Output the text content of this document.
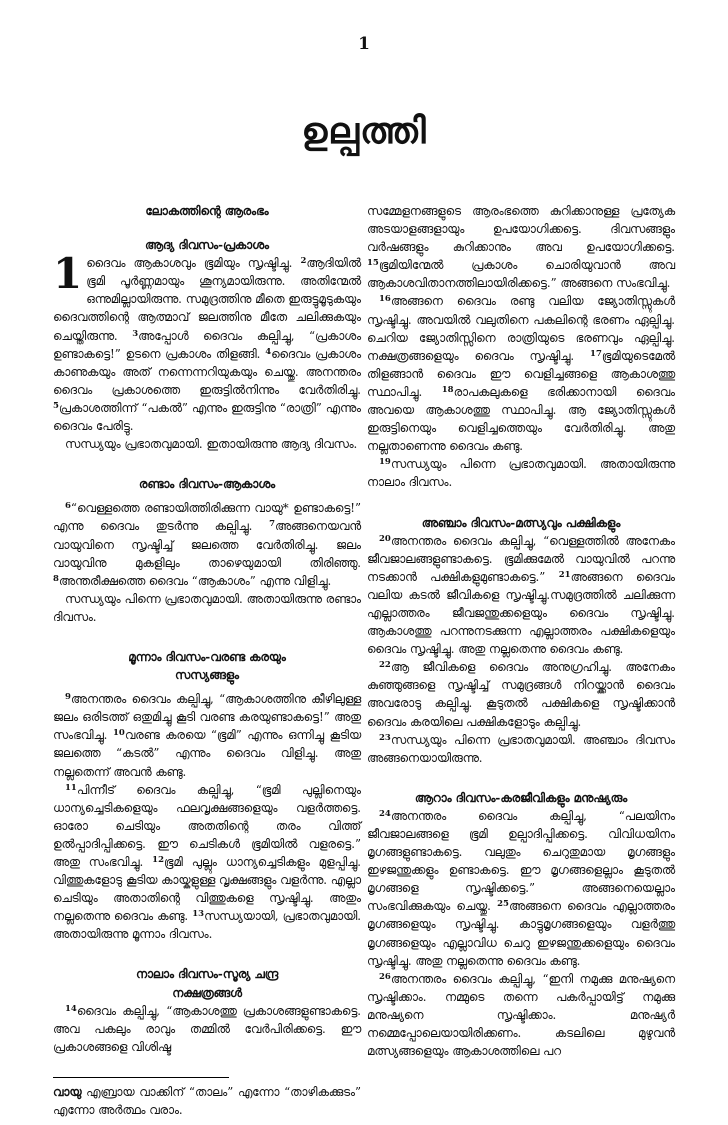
1
ഉല്പത്തി

ലോകത്തിന്റെ ആരംഭം

ആദ്യ ദിവസം-പ്രകാശം

1 ദൈവം ആകാശവും ഭൂമിയും സൃഷ്ടിച്ചു. $^2$ആദിയിൽ ഭൂമി പൂർണ്ണമായും ശൂന്യമായിരുന്നു. അതിന്മേൽ ഒന്നുമില്ലായിരുന്നു. സമുദ്രത്തിനു മീതെ ഇരുട്ടുമൂടുകയും ദൈവത്തിന്റെ ആത്മാവ് ജലത്തിനു മീതേ ചലിക്കുകയും ചെയ്തിരുന്നു. $^3$അപ്പോൾ ദൈവം കല്പിച്ചു, “പ്രകാശം ഉണ്ടാകട്ടെ!” ഉടനെ പ്രകാശം തിളങ്ങി. $^4$ദൈവം പ്രകാശം കാണുകയും അത് നന്നെന്നറിയുകയും ചെയ്തു. അനന്തരം ദൈവം പ്രകാശത്തെ ഇരുട്ടിൽനിന്നും വേർതിരിച്ചു. $^5$പ്രകാശത്തിന്ന് “പകൽ” എന്നും ഇരുട്ടിനു “രാത്രി” എന്നും ദൈവം പേരിട്ടു.

സന്ധ്യയും പ്രഭാതവുമായി. ഇതായിരുന്നു ആദ്യ ദിവസം.

രണ്ടാം ദിവസം-ആകാശം

$^6$“വെള്ളത്തെ രണ്ടായിത്തിരിക്കുന്ന വായു* ഉണ്ടാകട്ടെ!” എന്നു ദൈവം തുടർന്നു കല്പിച്ചു. $^7$അങ്ങനെയവൻ വായുവിനെ സൃഷ്ടിച്ച് ജലത്തെ വേർതിരിച്ചു. ജലം വായുവിനു മുകളിലും താഴെയുമായി തിരിഞ്ഞു. $^8$അന്തരീക്ഷത്തെ ദൈവം “ആകാശം” എന്നു വിളിച്ചു.

സന്ധ്യയും പിന്നെ പ്രഭാതവുമായി. അതായിരുന്നു രണ്ടാം ദിവസം.

മൂന്നാം ദിവസം-വരണ്ട കരയും
സസ്യങ്ങളും

$^9$അനന്തരം ദൈവം കല്പിച്ചു, “ആകാശത്തിനു കീഴിലുള്ള ജലം ഒരിടത്ത് ഒതുമിച്ചു കൂടി വരണ്ട കരയുണ്ടാകട്ടെ!” അതു സംഭവിച്ചു. $^{10}$വരണ്ട കരയെ “ഭൂമി” എന്നും ഒന്നിച്ചു കൂടിയ ജലത്തെ “കടൽ” എന്നും ദൈവം വിളിച്ചു. അതു നല്ലതെന്ന് അവൻ കണ്ടു.

$^{11}$പിന്നീട് ദൈവം കല്പിച്ചു, “ഭൂമി പുല്ലിനെയും ധാന്യച്ചെടികളെയും ഫലവൃക്ഷങ്ങളെയും വളർത്തട്ടെ. ഓരോ ചെടിയും അതതിന്റെ തരം വിത്ത് ഉൽപ്പാദിപ്പിക്കട്ടെ. ഈ ചെടികൾ ഭൂമിയിൽ വളരട്ടെ.” അതു സംഭവിച്ചു. $^{12}$ഭൂമി പുല്ലും ധാന്യച്ചെടികളും മുളപ്പിച്ചു. വിത്തുകളോടു കൂടിയ കായ്കളുള്ള വൃക്ഷങ്ങളും വളർന്നു. എല്ലാ ചെടിയും അതാതിന്റെ വിത്തുകളെ സൃഷ്ടിച്ചു. അതും നല്ലതെന്നു ദൈവം കണ്ടു. $^{13}$സന്ധ്യയായി, പ്രഭാതവുമായി. അതായിരുന്നു മൂന്നാം ദിവസം.

നാലാം ദിവസം-സൂര്യ ചന്ദ്ര
നക്ഷത്രങ്ങൾ

$^{14}$ദൈവം കല്പിച്ചു, “ആകാശത്തു പ്രകാശങ്ങളുണ്ടാകട്ടെ. അവ പകലും രാവും തമ്മിൽ വേർപിരിക്കട്ടെ. ഈ പ്രകാശങ്ങളെ വിശിഷ്ട

സമ്മേളനങ്ങളുടെ ആരംഭത്തെ കുറിക്കാനുള്ള പ്രത്യേക അടയാളങ്ങളായും ഉപയോഗിക്കട്ടെ. ദിവസങ്ങളും വർഷങ്ങളും കുറിക്കാനും അവ ഉപയോഗിക്കട്ടെ. $^{15}$ഭൂമിയിന്മേൽ പ്രകാശം ചൊരിയുവാൻ അവ ആകാശവിതാനത്തിലായിരിക്കട്ടെ.” അങ്ങനെ സംഭവിച്ചു.

$^{16}$അങ്ങനെ ദൈവം രണ്ടു വലിയ ജ്യോതിസ്സുകൾ സൃഷ്ടിച്ചു. അവയിൽ വലുതിനെ പകലിന്റെ ഭരണം ഏല്പിച്ചു. ചെറിയ ജ്യോതിസ്സിനെ രാത്രിയുടെ ഭരണവും ഏല്പിച്ചു. നക്ഷത്രങ്ങളെയും ദൈവം സൃഷ്ടിച്ചു. $^{17}$ഭൂമിയുടെമേൽ തിളങ്ങാൻ ദൈവം ഈ വെളിച്ചങ്ങളെ ആകാശത്തു സ്ഥാപിച്ചു. $^{18}$രാപകലുകളെ ഭരിക്കാനായി ദൈവം അവയെ ആകാശത്തു സ്ഥാപിച്ചു. ആ ജ്യോതിസ്സുകൾ ഇരുട്ടിനെയും വെളിച്ചത്തെയും വേർതിരിച്ചു. അതു നല്ലതാണെന്നു ദൈവം കണ്ടു.

$^{19}$സന്ധ്യയും പിന്നെ പ്രഭാതവുമായി. അതായിരുന്നു നാലാം ദിവസം.

അഞ്ചാം ദിവസം-മത്സ്യവും പക്ഷികളും

$^{20}$അനന്തരം ദൈവം കല്പിച്ചു, “വെള്ളത്തിൽ അനേകം ജീവജാലങ്ങളുണ്ടാകട്ടെ. ഭൂമിക്കുമേൽ വായുവിൽ പറന്നു നടക്കാൻ പക്ഷികളുമുണ്ടാകട്ടെ.” $^{21}$അങ്ങനെ ദൈവം വലിയ കടൽ ജീവികളെ സൃഷ്ടിച്ചു.സമുദ്രത്തിൽ ചലിക്കുന്ന എല്ലാത്തരം ജീവജന്തുക്കളെയും ദൈവം സൃഷ്ടിച്ചു. ആകാശത്തു പറന്നുനടക്കുന്ന എല്ലാത്തരം പക്ഷികളെയും ദൈവം സൃഷ്ടിച്ചു. അതു നല്ലതെന്നു ദൈവം കണ്ടു.

$^{22}$ആ ജീവികളെ ദൈവം അനുഗ്രഹിച്ചു. അനേകം കുഞ്ഞുങ്ങളെ സൃഷ്ടിച്ച് സമുദ്രങ്ങൾ നിറയ്ക്കാൻ ദൈവം അവരോടു കല്പിച്ചു. കൂടുതൽ പക്ഷികളെ സൃഷ്ടിക്കാൻ ദൈവം കരയിലെ പക്ഷികളോടും കല്പിച്ചു.

$^{23}$സന്ധ്യയും പിന്നെ പ്രഭാതവുമായി. അഞ്ചാം ദിവസം അങ്ങനെയായിരുന്നു.

ആറാം ദിവസം-കരജീവികളും മനുഷ്യരും

$^{24}$അനന്തരം ദൈവം കല്പിച്ചു, “പലയിനം ജീവജാലങ്ങളെ ഭൂമി ഉല്പാദിപ്പിക്കട്ടെ. വിവിധയിനം മൃഗങ്ങളുണ്ടാകട്ടെ. വലുതും ചെറുതുമായ മൃഗങ്ങളും ഇഴജന്തുക്കളും ഉണ്ടാകട്ടെ. ഈ മൃഗങ്ങളെല്ലാം കൂടുതൽ മൃഗങ്ങളെ സൃഷ്ടിക്കട്ടെ.” അങ്ങനെയെല്ലാം സംഭവിക്കുകയും ചെയ്തു. $^{25}$അങ്ങനെ ദൈവം എല്ലാത്തരം മൃഗങ്ങളെയും സൃഷ്ടിച്ചു. കാട്ടുമൃഗങ്ങളെയും വളർത്തു മൃഗങ്ങളെയും എല്ലാവിധ ചെറു ഇഴജന്തുക്കളെയും ദൈവം സൃഷ്ടിച്ചു. അതു നല്ലതെന്നു ദൈവം കണ്ടു.

$^{26}$അനന്തരം ദൈവം കല്പിച്ചു, “ഇനി നമുക്കു മനുഷ്യനെ സൃഷ്ടിക്കാം. നമ്മുടെ തന്നെ പകർപ്പായിട്ട് നമുക്കു മനുഷ്യനെ സൃഷ്ടിക്കാം. മനുഷ്യർ നമ്മെപ്പോലെയായിരിക്കണം. കടലിലെ മുഴുവൻ മത്സ്യങ്ങളെയും ആകാശത്തിലെ പറ

വായു എബ്രായ വാക്കിന് “താലം” എന്നോ “താഴികക്കുടം” എന്നോ അർത്ഥം വരാം.
